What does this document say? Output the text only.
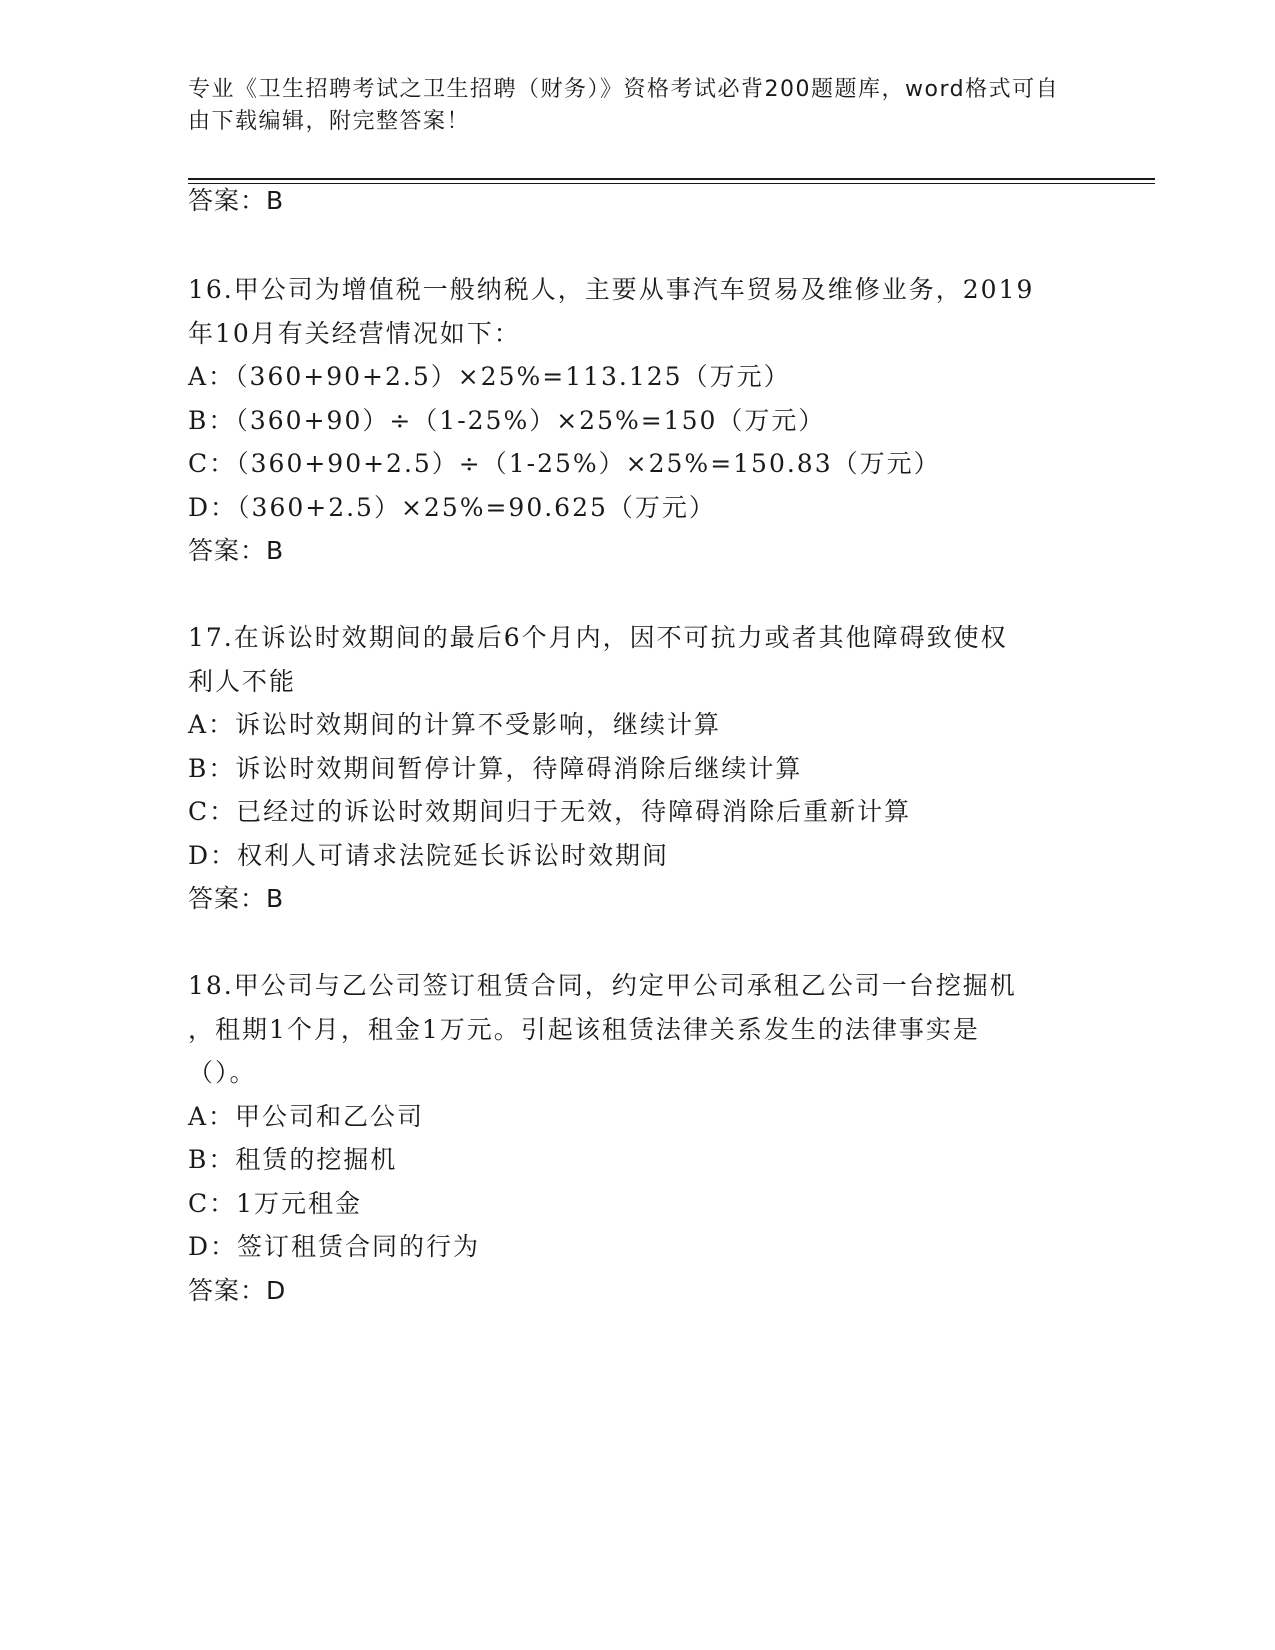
专业《卫生招聘考试之卫生招聘（财务）》资格考试必背200题题库，word格式可自由下载编辑，附完整答案！
答案：B
16.甲公司为增值税一般纳税人，主要从事汽车贸易及维修业务，2019
年10月有关经营情况如下：
A：（360+90+2.5）×25%=113.125（万元）
B：（360+90）÷（1-25%）×25%=150（万元）
C：（360+90+2.5）÷（1-25%）×25%=150.83（万元）
D：（360+2.5）×25%=90.625（万元）
答案：B
17.在诉讼时效期间的最后6个月内，因不可抗力或者其他障碍致使权
利人不能
A：诉讼时效期间的计算不受影响，继续计算
B：诉讼时效期间暂停计算，待障碍消除后继续计算
C：已经过的诉讼时效期间归于无效，待障碍消除后重新计算
D：权利人可请求法院延长诉讼时效期间
答案：B
18.甲公司与乙公司签订租赁合同，约定甲公司承租乙公司一台挖掘机
，租期1个月，租金1万元。引起该租赁法律关系发生的法律事实是
（）。
A：甲公司和乙公司
B：租赁的挖掘机
C：1万元租金
D：签订租赁合同的行为
答案：D
